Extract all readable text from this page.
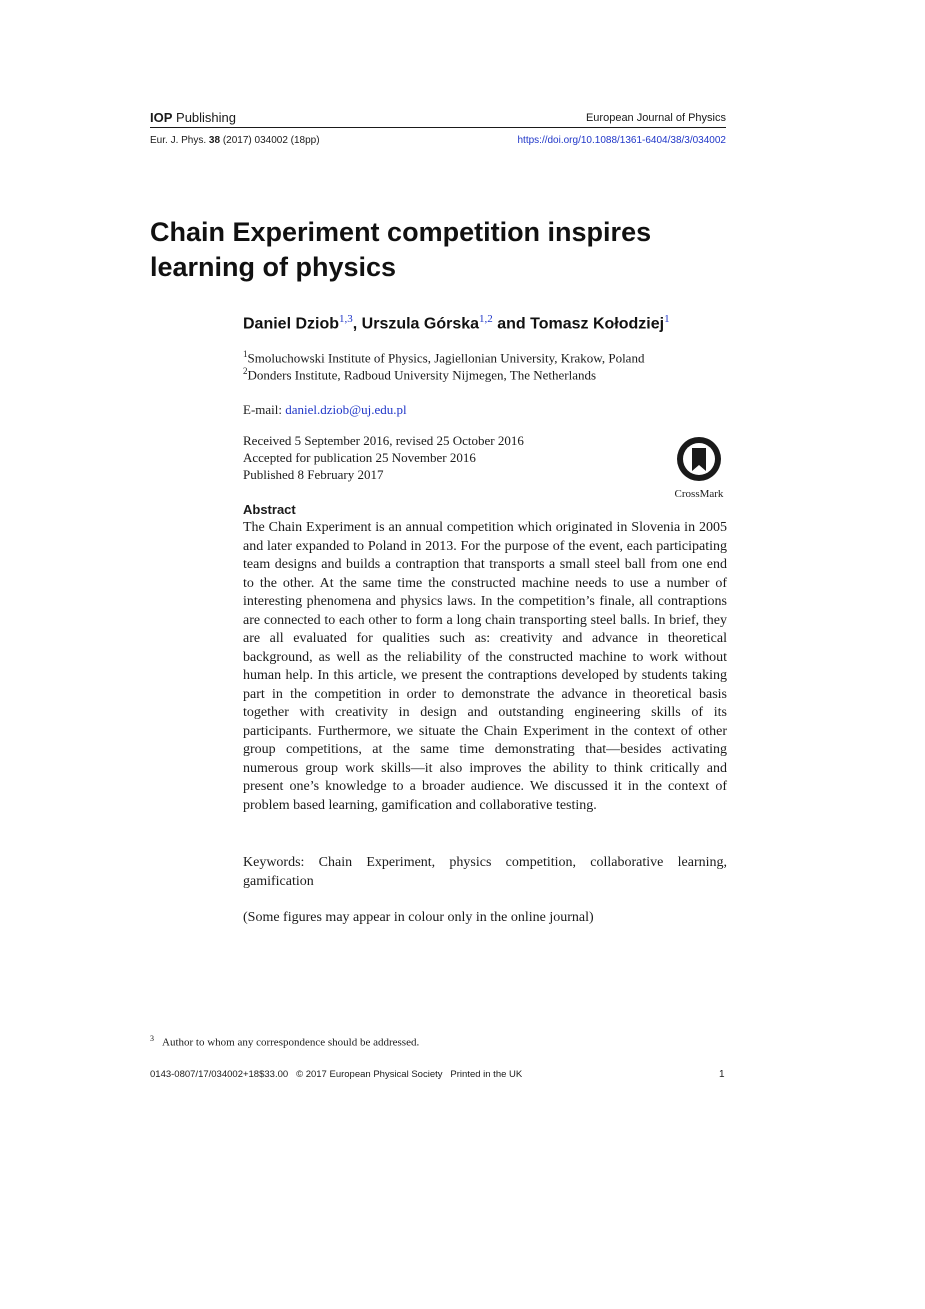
IOP Publishing	European Journal of Physics
Eur. J. Phys. 38 (2017) 034002 (18pp)	https://doi.org/10.1088/1361-6404/38/3/034002
Chain Experiment competition inspires
learning of physics
Daniel Dziob$^{1,3}$, Urszula Górska$^{1,2}$ and Tomasz Kołodziej$^1$
$^1$Smoluchowski Institute of Physics, Jagiellonian University, Krakow, Poland
$^2$Donders Institute, Radboud University Nijmegen, The Netherlands
E-mail: daniel.dziob@uj.edu.pl
Received 5 September 2016, revised 25 October 2016
Accepted for publication 25 November 2016
Published 8 February 2017
CrossMark
Abstract

The Chain Experiment is an annual competition which originated in Slovenia in 2005 and later expanded to Poland in 2013. For the purpose of the event, each participating team designs and builds a contraption that transports a small steel ball from one end to the other. At the same time the constructed machine needs to use a number of interesting phenomena and physics laws. In the competition’s finale, all contraptions are connected to each other to form a long chain transporting steel balls. In brief, they are all evaluated for qualities such as: creativity and advance in theoretical background, as well as the reliability of the constructed machine to work without human help. In this article, we present the contraptions developed by students taking part in the competition in order to demonstrate the advance in theoretical basis together with creativity in design and outstanding engineering skills of its participants. Furthermore, we situate the Chain Experiment in the context of other group competitions, at the same time demonstrating that—besides activating numerous group work skills—it also improves the ability to think critically and present one’s knowledge to a broader audience. We discussed it in the context of problem based learning, gamification and collaborative testing.

Keywords: Chain Experiment, physics competition, collaborative learning, gamification

(Some figures may appear in colour only in the online journal)
$^3$ Author to whom any correspondence should be addressed.
0143-0807/17/034002+18$33.00   © 2017 European Physical Society   Printed in the UK	1
